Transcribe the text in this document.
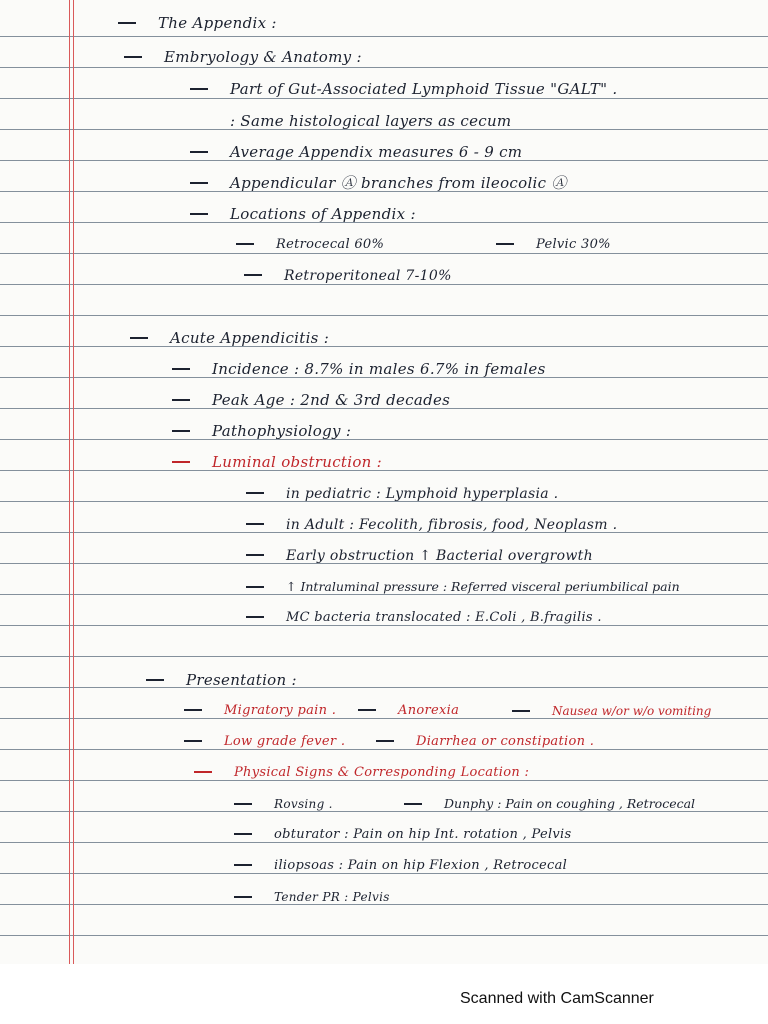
The Appendix :
Embryology & Anatomy :
Part of Gut-Associated Lymphoid Tissue "GALT" .
: Same histological layers as cecum
Average Appendix measures 6 - 9 cm
Appendicular Ⓐ branches from ileocolic Ⓐ
Locations of Appendix :
Retrocecal 60%	Pelvic 30%
Retroperitoneal 7-10%
Acute Appendicitis :
Incidence : 8.7% in males 6.7% in females
Peak Age : 2nd & 3rd decades
Pathophysiology :
Luminal obstruction :
in pediatric : Lymphoid hyperplasia .
in Adult : Fecolith, fibrosis, food, Neoplasm .
Early obstruction ↑ Bacterial overgrowth
↑ Intraluminal pressure : Referred visceral periumbilical pain
MC bacteria translocated : E.Coli , B.fragilis .
Presentation :
Migratory pain .	Anorexia	Nausea w/or w/o vomiting
Low grade fever .	Diarrhea or constipation .
Physical Signs & Corresponding Location :
Rovsing .	Dunphy : Pain on coughing , Retrocecal
obturator : Pain on hip Int. rotation , Pelvis
iliopsoas : Pain on hip Flexion , Retrocecal
Tender PR : Pelvis
Scanned with CamScanner
